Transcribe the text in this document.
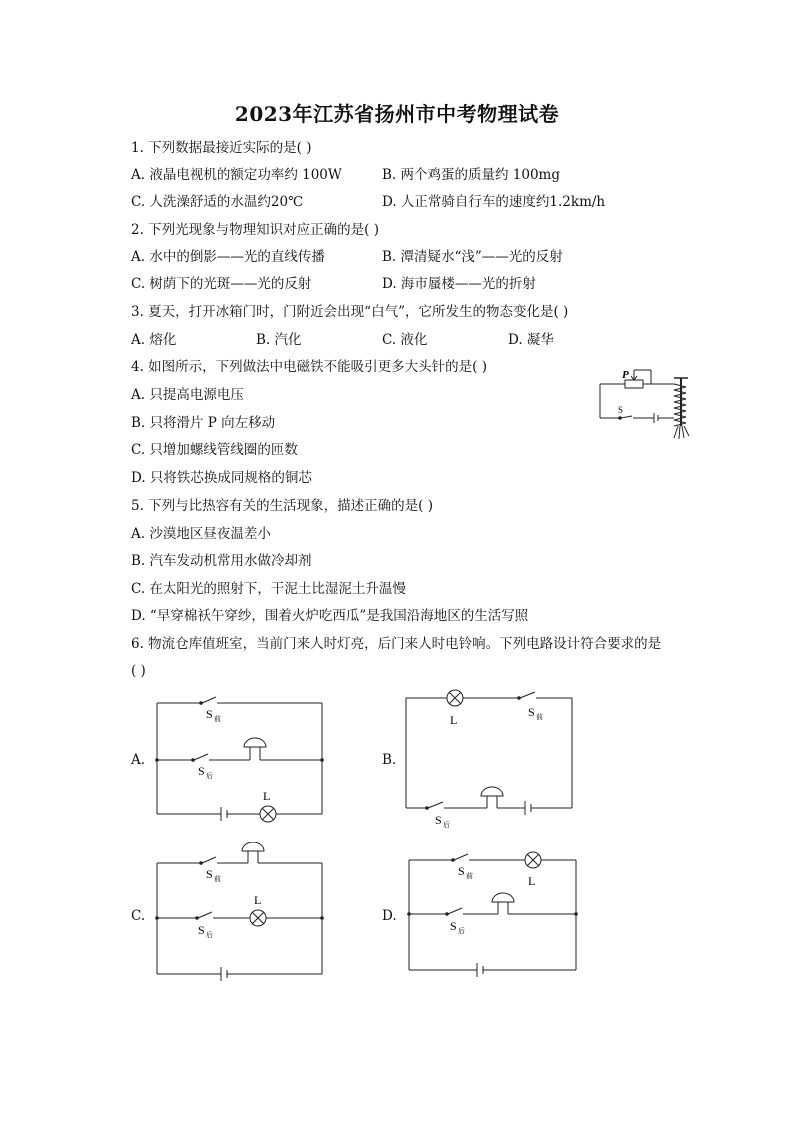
2023年江苏省扬州市中考物理试卷
1. 下列数据最接近实际的是( )
A. 液晶电视机的额定功率约 100W	B. 两个鸡蛋的质量约 100mg
C. 人洗澡舒适的水温约20℃	D. 人正常骑自行车的速度约1.2km/h
2. 下列光现象与物理知识对应正确的是( )
A. 水中的倒影——光的直线传播	B. 潭清疑水“浅”——光的反射
C. 树荫下的光斑——光的反射	D. 海市蜃楼——光的折射
3. 夏天，打开冰箱门时，门附近会出现“白气”，它所发生的物态变化是( )
A. 熔化	B. 汽化	C. 液化	D. 凝华
4. 如图所示，下列做法中电磁铁不能吸引更多大头针的是( )
A. 只提高电源电压
B. 只将滑片 P 向左移动
C. 只增加螺线管线圈的匝数
D. 只将铁芯换成同规格的铜芯
P
S
5. 下列与比热容有关的生活现象，描述正确的是( )
A. 沙漠地区昼夜温差小
B. 汽车发动机常用水做冷却剂
C. 在太阳光的照射下，干泥土比湿泥土升温慢
D. “早穿棉袄午穿纱，围着火炉吃西瓜”是我国沿海地区的生活写照
6. 物流仓库值班室，当前门来人时灯亮，后门来人时电铃响。下列电路设计符合要求的是
( )
A.	B.
C.	D.
S 前
S 后
L
L
S 前
S 后
S 前
S 后
L
S 前	L
S 后
